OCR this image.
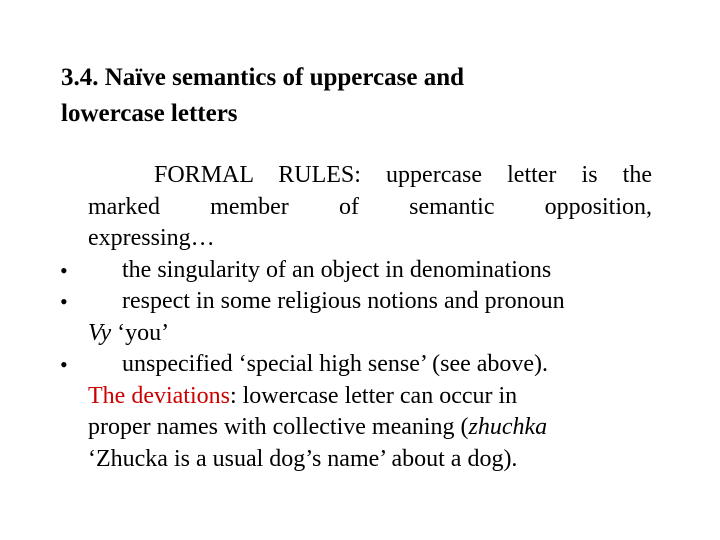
3.4. Naïve semantics of uppercase and
lowercase letters
FORMAL RULES: uppercase letter is the
marked member of semantic opposition,
expressing…
• the singularity of an object in denominations
• respect in some religious notions and pronoun
Vy ‘you’
• unspecified ‘special high sense’ (see above).
The deviations: lowercase letter can occur in
proper names with collective meaning (zhuchka
‘Zhucka is a usual dog’s name’ about a dog).
